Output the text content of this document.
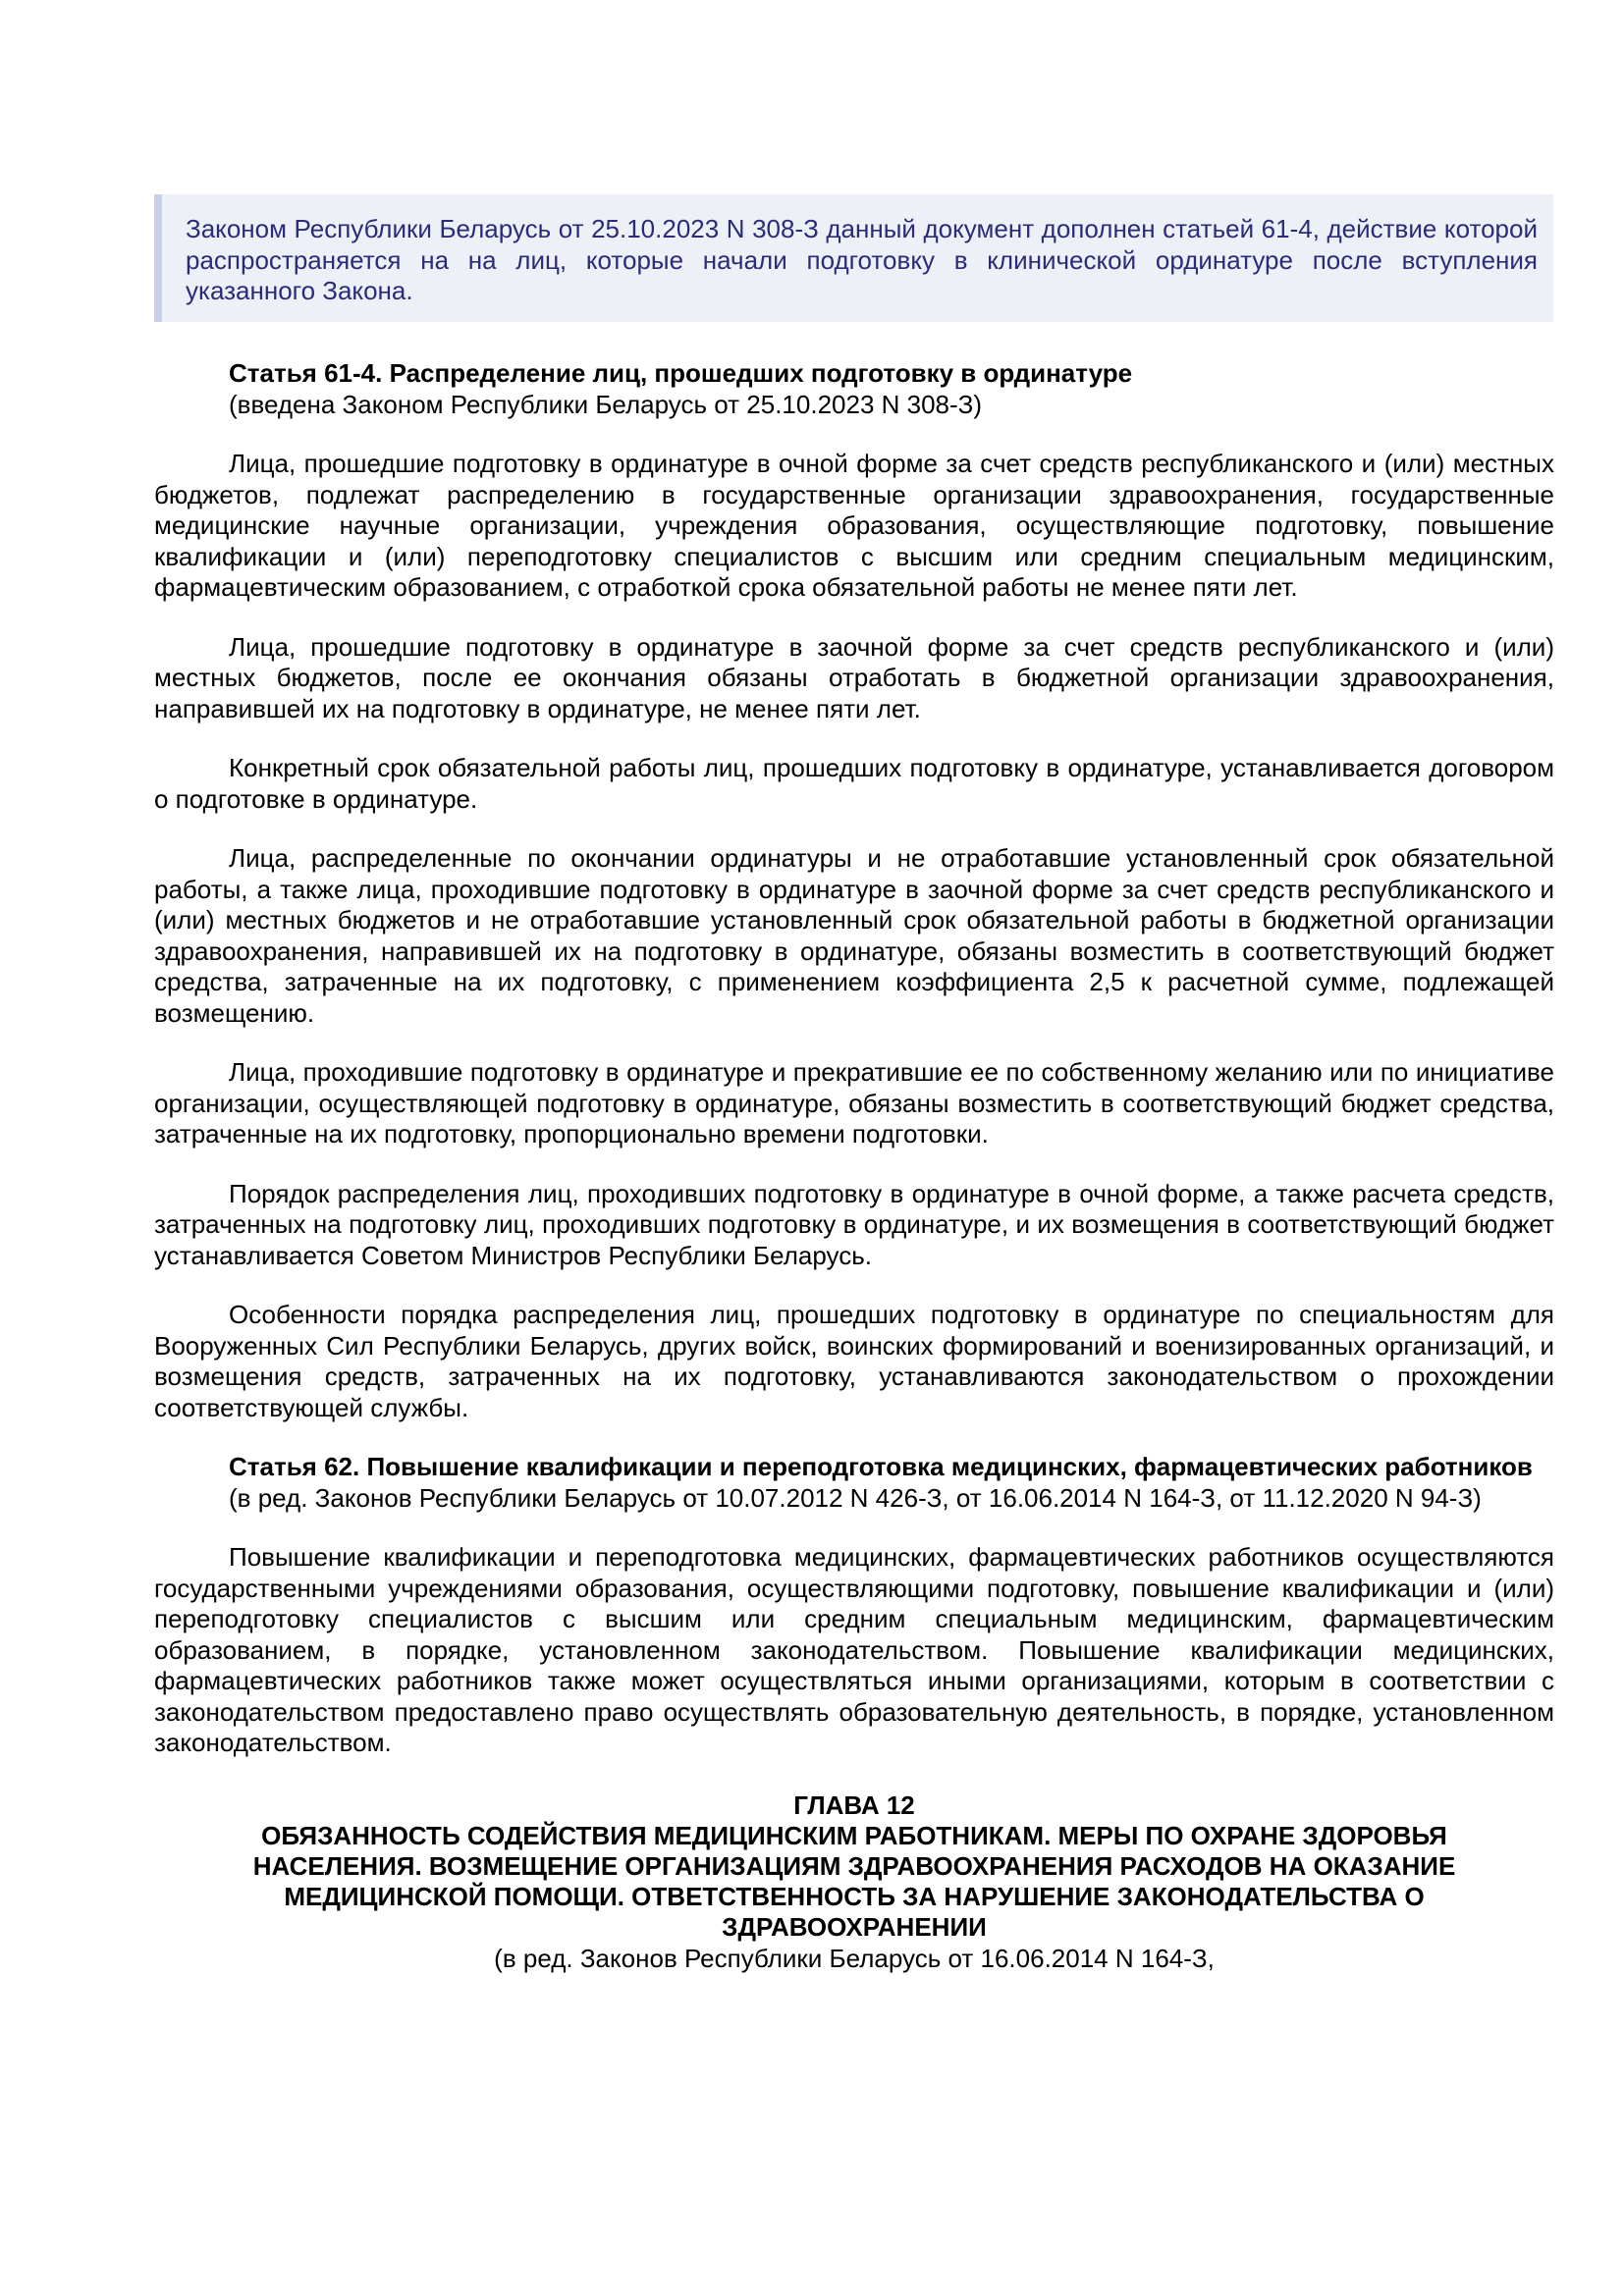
Законом Республики Беларусь от 25.10.2023 N 308-З данный документ дополнен статьей 61-4, действие которой распространяется на на лиц, которые начали подготовку в клинической ординатуре после вступления указанного Закона.

Статья 61-4. Распределение лиц, прошедших подготовку в ординатуре

(введена Законом Республики Беларусь от 25.10.2023 N 308-З)

Лица, прошедшие подготовку в ординатуре в очной форме за счет средств республиканского и (или) местных бюджетов, подлежат распределению в государственные организации здравоохранения, государственные медицинские научные организации, учреждения образования, осуществляющие подготовку, повышение квалификации и (или) переподготовку специалистов с высшим или средним специальным медицинским, фармацевтическим образованием, с отработкой срока обязательной работы не менее пяти лет.

Лица, прошедшие подготовку в ординатуре в заочной форме за счет средств республиканского и (или) местных бюджетов, после ее окончания обязаны отработать в бюджетной организации здравоохранения, направившей их на подготовку в ординатуре, не менее пяти лет.

Конкретный срок обязательной работы лиц, прошедших подготовку в ординатуре, устанавливается договором о подготовке в ординатуре.

Лица, распределенные по окончании ординатуры и не отработавшие установленный срок обязательной работы, а также лица, проходившие подготовку в ординатуре в заочной форме за счет средств республиканского и (или) местных бюджетов и не отработавшие установленный срок обязательной работы в бюджетной организации здравоохранения, направившей их на подготовку в ординатуре, обязаны возместить в соответствующий бюджет средства, затраченные на их подготовку, с применением коэффициента 2,5 к расчетной сумме, подлежащей возмещению.

Лица, проходившие подготовку в ординатуре и прекратившие ее по собственному желанию или по инициативе организации, осуществляющей подготовку в ординатуре, обязаны возместить в соответствующий бюджет средства, затраченные на их подготовку, пропорционально времени подготовки.

Порядок распределения лиц, проходивших подготовку в ординатуре в очной форме, а также расчета средств, затраченных на подготовку лиц, проходивших подготовку в ординатуре, и их возмещения в соответствующий бюджет устанавливается Советом Министров Республики Беларусь.

Особенности порядка распределения лиц, прошедших подготовку в ординатуре по специальностям для Вооруженных Сил Республики Беларусь, других войск, воинских формирований и военизированных организаций, и возмещения средств, затраченных на их подготовку, устанавливаются законодательством о прохождении соответствующей службы.

Статья 62. Повышение квалификации и переподготовка медицинских, фармацевтических работников

(в ред. Законов Республики Беларусь от 10.07.2012 N 426-З, от 16.06.2014 N 164-З, от 11.12.2020 N 94-З)

Повышение квалификации и переподготовка медицинских, фармацевтических работников осуществляются государственными учреждениями образования, осуществляющими подготовку, повышение квалификации и (или) переподготовку специалистов с высшим или средним специальным медицинским, фармацевтическим образованием, в порядке, установленном законодательством. Повышение квалификации медицинских, фармацевтических работников также может осуществляться иными организациями, которым в соответствии с законодательством предоставлено право осуществлять образовательную деятельность, в порядке, установленном законодательством.

ГЛАВА 12

ОБЯЗАННОСТЬ СОДЕЙСТВИЯ МЕДИЦИНСКИМ РАБОТНИКАМ. МЕРЫ ПО ОХРАНЕ ЗДОРОВЬЯ НАСЕЛЕНИЯ. ВОЗМЕЩЕНИЕ ОРГАНИЗАЦИЯМ ЗДРАВООХРАНЕНИЯ РАСХОДОВ НА ОКАЗАНИЕ МЕДИЦИНСКОЙ ПОМОЩИ. ОТВЕТСТВЕННОСТЬ ЗА НАРУШЕНИЕ ЗАКОНОДАТЕЛЬСТВА О ЗДРАВООХРАНЕНИИ

(в ред. Законов Республики Беларусь от 16.06.2014 N 164-З,
